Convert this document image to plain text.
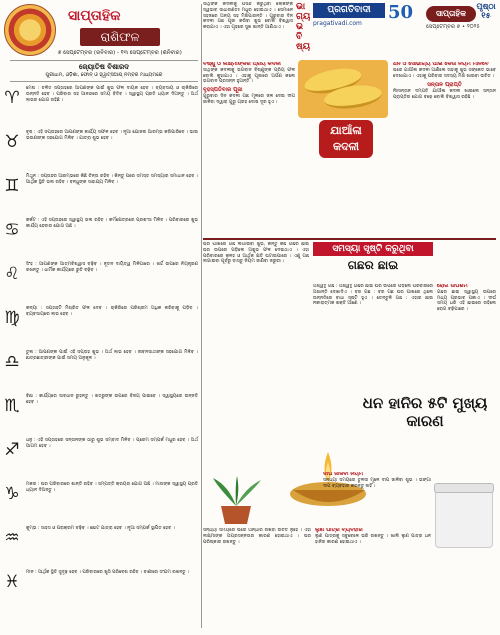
ସାପ୍ତାହିକ
ରାଶିଫଳ
୭ ସେପ୍ଟେମ୍ବର (ରବିବାର) - ୧୩ ସେପ୍ଟେମ୍ବର (ଶନିବାର)
ଜ୍ୟୋତିଷ ବିଶାରଦ
ପୁରୀଧାମ, ଓଡ଼ିଶା, ଫୋନ୍ ଓ ହ୍ୱାଟ୍ସଆପ୍ ନମ୍ବର ମାଧ୍ୟମରେ
♈	ମେଷ : ଚଳିତ ସପ୍ତାହରେ ଆପଣଙ୍କ ପାଇଁ ଶୁଭ ଫଳ ଦାୟକ ହେବ । ବ୍ୟବସାୟ ଓ ଚାକିରିରେ ଉନ୍ନତି ହେବ । ପରିବାର ସହ ଆନନ୍ଦରେ ସମୟ ବିତିବ । ସ୍ୱାସ୍ଥ୍ୟ ପ୍ରତି ଧ୍ୟାନ ଦିଅନ୍ତୁ । ଅର୍ଥ ଲାଭର ଯୋଗ ରହିଛି ।
♉	ବୃଷ : ଏହି ସପ୍ତାହରେ ଆପଣଙ୍କ କାର୍ଯ୍ୟ ସଫଳ ହେବ । ନୂଆ ଯୋଜନା ଆରମ୍ଭ କରିପାରିବେ । ଭାଇ ଭଉଣୀଙ୍କ ସହଯୋଗ ମିଳିବ । ଯାତ୍ରା ଶୁଭ ହେବ ।
♊	ମିଥୁନ : ସପ୍ତାହର ଆରମ୍ଭରେ କିଛି ଚିନ୍ତା ରହିବ । କିନ୍ତୁ ପରେ ସମସ୍ତ ସମସ୍ୟାର ସମାଧାନ ହେବ । ଆର୍ଥିକ ସ୍ଥିତି ଭଲ ରହିବ । ବନ୍ଧୁଙ୍କ ସାହାଯ୍ୟ ମିଳିବ ।
♋	କର୍କଟ : ଏହି ସପ୍ତାହରେ ସ୍ୱାସ୍ଥ୍ୟ ଭଲ ରହିବ । କର୍ମକ୍ଷେତ୍ରରେ ପ୍ରଶଂସା ମିଳିବ । ପରିବାରରେ ଶୁଭ କାର୍ଯ୍ୟ ହେବାର ଯୋଗ ଅଛି ।
♌	ସିଂହ : ଆପଣଙ୍କ ଆତ୍ମବିଶ୍ୱାସ ବଢ଼ିବ । ନୂତନ ଦାୟିତ୍ୱ ମିଳିପାରେ । ଖର୍ଚ୍ଚ ଉପରେ ନିୟନ୍ତ୍ରଣ ରଖନ୍ତୁ । ଧାର୍ମିକ କାର୍ଯ୍ୟରେ ରୁଚି ବଢ଼ିବ ।
♍	କନ୍ୟା : ସପ୍ତାହଟି ମିଶ୍ରିତ ଫଳ ଦେବ । ଚାକିରିରେ ପରିଶ୍ରମ ଅଧିକ କରିବାକୁ ପଡ଼ିବ । ବ୍ୟବସାୟରେ ଲାଭ ହେବ ।
♎	ତୁଳା : ଆପଣଙ୍କ ପାଇଁ ଏହି ସପ୍ତାହ ଶୁଭ । ଅର୍ଥ ଲାଭ ହେବ । ଜୀବନସାଥୀଙ୍କ ସହଯୋଗ ମିଳିବ । ଛାତ୍ରଛାତ୍ରୀଙ୍କ ପାଇଁ ସମୟ ଅନୁକୂଳ ।
♏	ବିଛା : କାର୍ଯ୍ୟରେ ସାବଧାନ ରୁହନ୍ତୁ । ଶତ୍ରୁଙ୍କ ଉପରେ ବିଜୟ ପାଇବେ । ସ୍ୱାସ୍ଥ୍ୟରେ ଉନ୍ନତି ହେବ ।
♐	ଧନୁ : ଏହି ସପ୍ତାହରେ ସନ୍ତାନଙ୍କ ଠାରୁ ଶୁଭ ସମ୍ବାଦ ମିଳିବ । ପ୍ରେମ ସମ୍ପର୍କ ମଧୁର ହେବ । ଅର୍ଥ ଆଗମ ହେବ ।
♑	ମକର : ଘର ପରିବାରରେ ଶାନ୍ତି ରହିବ । ସମ୍ପତ୍ତି କ୍ରୟର ଯୋଗ ଅଛି । ମାତାଙ୍କ ସ୍ୱାସ୍ଥ୍ୟ ପ୍ରତି ଧ୍ୟାନ ଦିଅନ୍ତୁ ।
♒	କୁମ୍ଭ : ସାହସ ଓ ପରାକ୍ରମ ବଢ଼ିବ । ଛୋଟ ଯାତ୍ରା ହେବ । ନୂଆ ସମ୍ପର୍କ ସ୍ଥାପିତ ହେବ ।
♓	ମୀନ : ଆର୍ଥିକ ସ୍ଥିତି ସୁଦୃଢ଼ ହେବ । ପରିବାରରେ ଖୁସି ପରିବେଶ ରହିବ । ବାଣୀରେ ସଂଯମ ରଖନ୍ତୁ ।
ସାଥିଙ୍କ କଦଳୀକୁ ପସନ୍ଦ କରୁଥିବା ଲୋକଙ୍କ ସ୍ୱଭାବ ସାଧାରଣତଃ ମଧୁର ହୋଇଥାଏ । ସେମାନେ ସହଜରେ ଅନ୍ୟ ସହ ମିଶିପାରନ୍ତି । ଗୁରୁବାର ଦିନ କଦଳୀ ଗଛ ପୂଜା କରିବା ଶୁଭ ବୋଲି ବିଶ୍ୱାସ କରାଯାଏ । ଏହା ଗୃହରେ ସୁଖ ଶାନ୍ତି ଆଣିଥାଏ ।
ଭା ଗ୍ୟ ଭ ବି ଷ୍ୟ
ପ୍ରଗତିବାଦୀ
pragativadi.com
50	ସାପ୍ତାହିକ
ସେପ୍ଟେମ୍ବର ୭ • ୨୦୨୫
ପୃଷ୍ଠା ୧୫
ବିଷ୍ଣୁ ଓ ଲକ୍ଷ୍ମୀଙ୍କର ପ୍ରିୟ କଦଳୀ
ସାଥିଙ୍କ କଦଳୀକୁ ଭଗବାନ ବିଷ୍ଣୁଙ୍କ ପ୍ରିୟ ଫଳ ବୋଲି କୁହାଯାଏ । ଏହାକୁ ପୂଜାରେ ଅର୍ପଣ କଲେ ଭଗବାନ ପ୍ରସନ୍ନ ହୁଅନ୍ତି ।
ବୃହସ୍ପତିବାର ପୂଜା
ଗୁରୁବାର ଦିନ କଦଳୀ ଗଛ ମୂଳରେ ଜଳ ଦେଇ ଦୀପ ଜାଳିବା ଦ୍ୱାରା ଗୁରୁ ଗ୍ରହ ଦୋଷ ଦୂର ହୁଏ ।
ଯାଆଁଳା କଦଳୀ
ଧନ ଓ ସୌଭାଗ୍ୟ ପାଇଁ କେଉଁ ନିୟମ ମାନିବେ
ଘରେ ଯାଆଁଳା କଦଳୀ ଆଣିଲେ ତାହାକୁ ଶୁଭ ସଙ୍କେତ ଭାବେ ଦେଖାଯାଏ । ଏହାକୁ ପରିବାର ସଦସ୍ୟ ମିଶି ଖାଇବା ଉଚିତ ।
ସନ୍ତାନ ପ୍ରାପ୍ତି
ନିଃସନ୍ତାନ ଦମ୍ପତି ଯାଆଁଳା କଦଳୀ ଖାଇଲେ ସନ୍ତାନ ପ୍ରାପ୍ତିର ଯୋଗ ବଢ଼େ ବୋଲି ବିଶ୍ୱାସ ରହିଛି ।
ସମସ୍ୟା ସୃଷ୍ଟି କରୁଥିବା
ଗଛର ଛାଇ
ଘର ପାଖରେ ଗଛ ଲଗାଇବା ଶୁଭ, କିନ୍ତୁ କିଛି ଗଛର ଛାଇ ଘର ଉପରେ ପଡ଼ିଲେ ଅଶୁଭ ଫଳ ଦେଇଥାଏ । ଏହା ପରିବାରରେ କଳହ ଓ ଆର୍ଥିକ କ୍ଷତି ଘଟାଇପାରେ । ଏଣୁ ଗଛ ଲଗାଇବା ପୂର୍ବରୁ ବାସ୍ତୁ ନିୟମ ଜାଣିବା ଜରୁରୀ ।
ଅଶ୍ୱତ୍ଥ ଗଛ : ଅଶ୍ୱତ୍ଥ ଗଛର ଛାଇ ଘର ଉପରେ ପଡ଼ିଲେ ପରିବାରରେ ଅଶାନ୍ତି ଦେଖାଦିଏ । ବର ଗଛ : ବର ଗଛ ଘର ପାଖରେ ଥିଲେ ଉନ୍ନତିରେ ବାଧା ସୃଷ୍ଟି ହୁଏ । ତେନ୍ତୁଳି ଗଛ : ଏହାର ଛାଇ ନକାରାତ୍ମକ ଶକ୍ତି ଆଣେ ।
ରୋଗ ଉପଶମ
ଗଛର ଛାଇ ସ୍ୱାସ୍ଥ୍ୟ ଉପରେ ମଧ୍ୟ ପ୍ରଭାବ ପକାଏ । ଦୀର୍ଘ ସମୟ ଧରି ଏହି ଛାଇରେ ରହିଲେ ରୋଗ ବଢ଼ିପାରେ ।
ଧନ ହାନିର ୫ଟି ମୁଖ୍ୟ କାରଣ
ଦୀପ ଜାଳିବା ନିୟମ
ସନ୍ଧ୍ୟା ସମୟରେ ତୁଳସୀ ମୂଳେ ଦୀପ ଜାଳିବା ଶୁଭ । ଭଙ୍ଗା ଦୀପ ବ୍ୟବହାର କରନ୍ତୁ ନାହିଁ ।
ସନ୍ଧ୍ୟା ସମୟରେ ଘରେ ଅନ୍ଧାର ରଖିବା ଉଚିତ ନୁହେଁ । ଏହା ଲକ୍ଷ୍ମୀଙ୍କ ଅପ୍ରସନ୍ନତାର କାରଣ ହୋଇଥାଏ । ଘର ପରିଷ୍କାର ରଖନ୍ତୁ ।
ଲୁଣ ପାତ୍ର ବ୍ୟବହାର
ଲୁଣ ପାତ୍ରକୁ ସବୁବେଳେ ଭରି ରଖନ୍ତୁ । ଖାଲି ଲୁଣ ପାତ୍ର ଧନ ହାନିର କାରଣ ହୋଇଥାଏ ।
